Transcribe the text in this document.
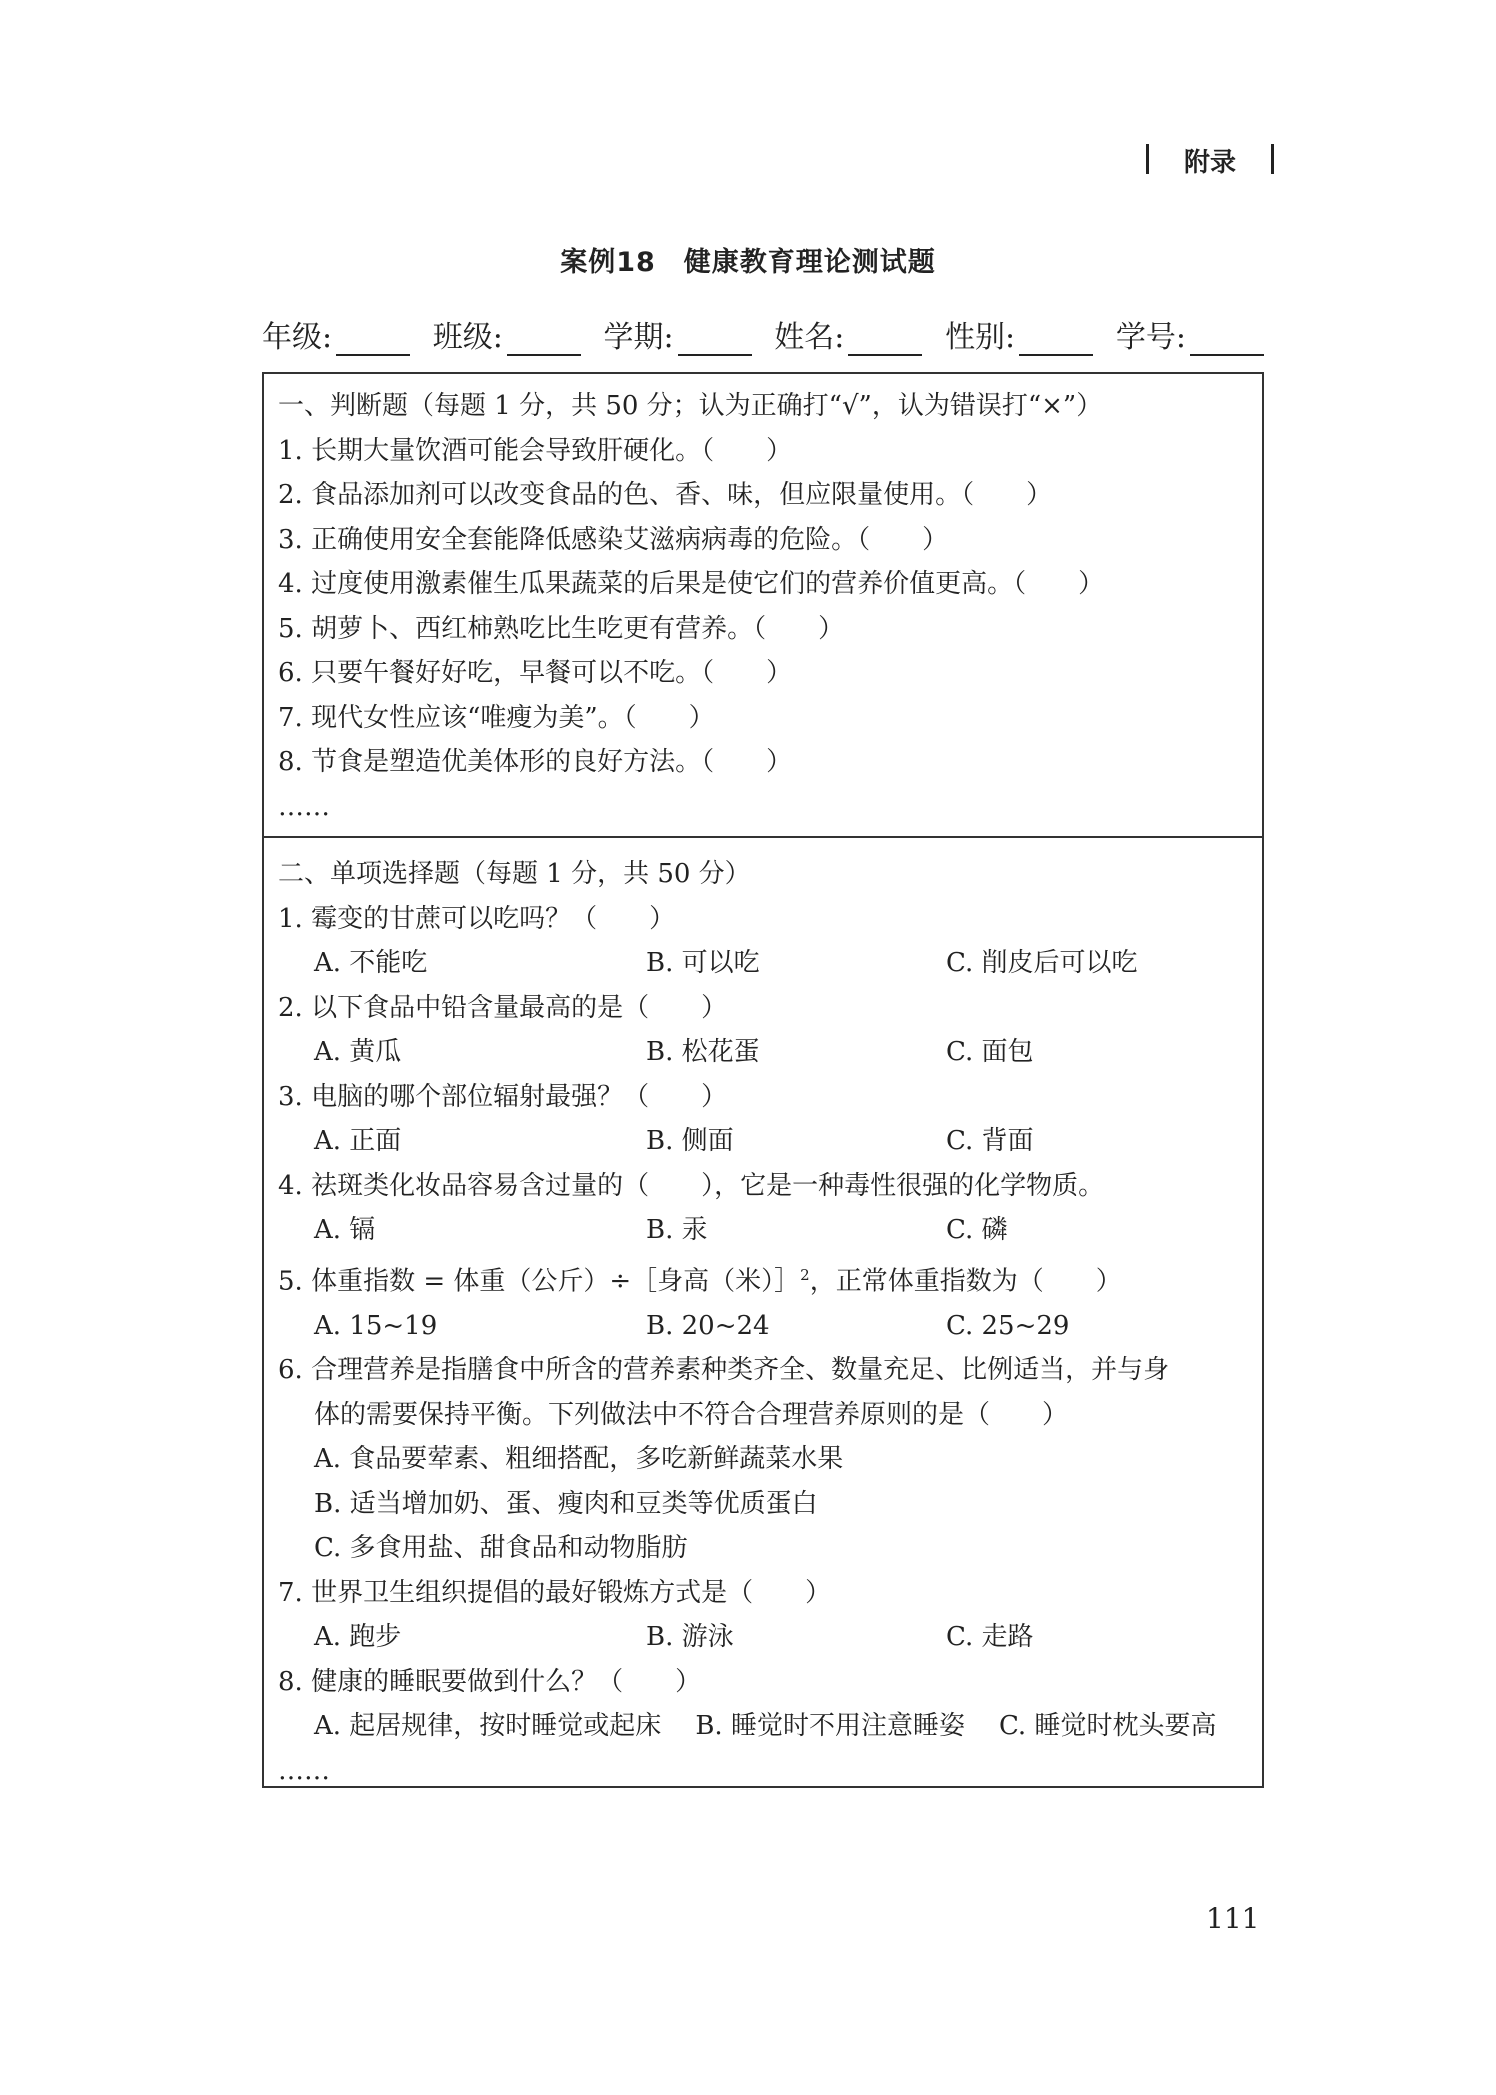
附录
案例18　健康教育理论测试题
年级:	班级:	学期:	姓名:	性别:	学号:
一、判断题（每题 1 分，共 50 分；认为正确打“√”，认为错误打“×”）
1. 长期大量饮酒可能会导致肝硬化。（　　）
2. 食品添加剂可以改变食品的色、香、味，但应限量使用。（　　）
3. 正确使用安全套能降低感染艾滋病病毒的危险。（　　）
4. 过度使用激素催生瓜果蔬菜的后果是使它们的营养价值更高。（　　）
5. 胡萝卜、西红柿熟吃比生吃更有营养。（　　）
6. 只要午餐好好吃，早餐可以不吃。（　　）
7. 现代女性应该“唯瘦为美”。（　　）
8. 节食是塑造优美体形的良好方法。（　　）
……
二、单项选择题（每题 1 分，共 50 分）
1. 霉变的甘蔗可以吃吗？（　　）
A. 不能吃	B. 可以吃	C. 削皮后可以吃
2. 以下食品中铅含量最高的是（　　）
A. 黄瓜	B. 松花蛋	C. 面包
3. 电脑的哪个部位辐射最强？（　　）
A. 正面	B. 侧面	C. 背面
4. 祛斑类化妆品容易含过量的（　　），它是一种毒性很强的化学物质。
A. 镉	B. 汞	C. 磷
5. 体重指数 = 体重（公斤）÷［身高（米）］$^2$，正常体重指数为（　　）
A. 15~19	B. 20~24	C. 25~29
6. 合理营养是指膳食中所含的营养素种类齐全、数量充足、比例适当，并与身
体的需要保持平衡。下列做法中不符合合理营养原则的是（　　）
A. 食品要荤素、粗细搭配，多吃新鲜蔬菜水果
B. 适当增加奶、蛋、瘦肉和豆类等优质蛋白
C. 多食用盐、甜食品和动物脂肪
7. 世界卫生组织提倡的最好锻炼方式是（　　）
A. 跑步	B. 游泳	C. 走路
8. 健康的睡眠要做到什么？（　　）
A. 起居规律，按时睡觉或起床 B. 睡觉时不用注意睡姿 C. 睡觉时枕头要高
……
111
